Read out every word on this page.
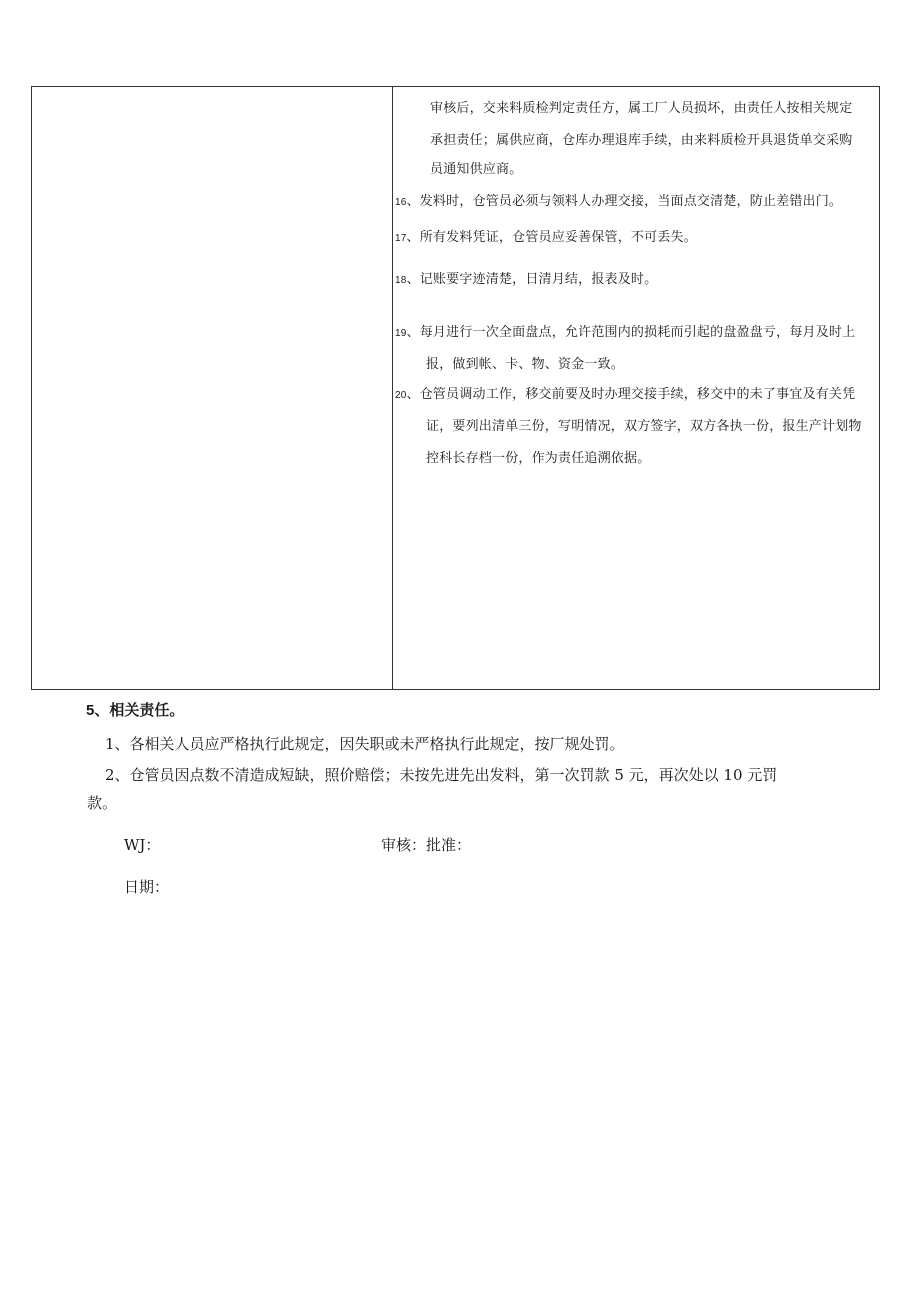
审核后，交来料质检判定责任方，属工厂人员损坏，由责任人按相关规定
承担责任；属供应商，仓库办理退库手续，由来料质检开具退货单交采购
员通知供应商。
16、发料时，仓管员必须与领料人办理交接，当面点交清楚，防止差错出门。
17、所有发料凭证，仓管员应妥善保管，不可丢失。
18、记账要字迹清楚，日清月结，报表及时。
19、每月进行一次全面盘点，允许范围内的损耗而引起的盘盈盘亏，每月及时上
报，做到帐、卡、物、资金一致。
20、仓管员调动工作，移交前要及时办理交接手续，移交中的未了事宜及有关凭
证，要列出清单三份，写明情况，双方签字，双方各执一份，报生产计划物
控科长存档一份，作为责任追溯依据。
5、相关责任。
1、各相关人员应严格执行此规定，因失职或未严格执行此规定，按厂规处罚。
2、仓管员因点数不清造成短缺，照价赔偿；未按先进先出发料，第一次罚款 5 元，再次处以 10 元罚
款。
WJ：	审核：批准：
日期：
